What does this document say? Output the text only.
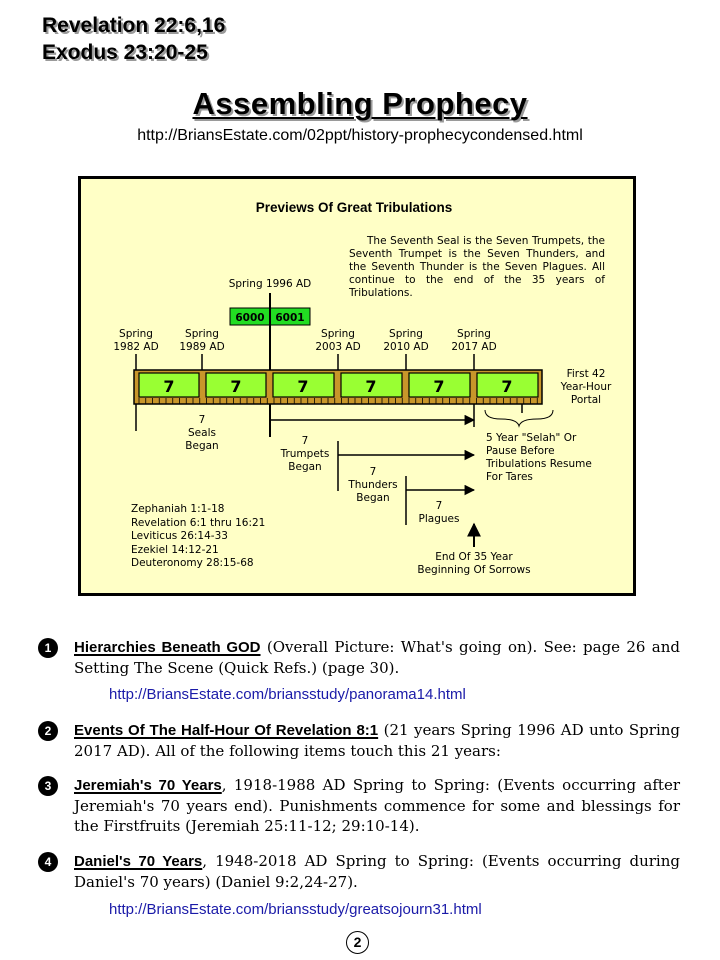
Revelation 22:6,16
Exodus 23:20-25
Assembling Prophecy
http://BriansEstate.com/02ppt/history-prophecycondensed.html
Previews Of Great Tribulations
Spring 1996 AD
6000 6001
Spring
1982 AD
Spring
1989 AD
Spring
2003 AD
Spring
2010 AD
Spring
2017 AD
7	7	7	7	7	7
First 42
Year-Hour
Portal
7
Seals
Began	7
Trumpets
Began	7
Thunders
Began
7
Plagues
5 Year "Selah" Or
Pause Before
Tribulations Resume
For Tares
End Of 35 Year
Beginning Of Sorrows
The Seventh Seal is the Seven Trumpets, the Seventh Trumpet is the Seven Thunders, and the Seventh Thunder is the Seven Plagues. All continue to the end of the 35 years of Tribulations.
Zephaniah 1:1-18
Revelation 6:1 thru 16:21
Leviticus 26:14-33
Ezekiel 14:12-21
Deuteronomy 28:15-68
1	Hierarchies Beneath GOD (Overall Picture: What's going on). See: page 26 and Setting The Scene (Quick Refs.) (page 30).
http://BriansEstate.com/briansstudy/panorama14.html
2	Events Of The Half-Hour Of Revelation 8:1 (21 years Spring 1996 AD unto Spring 2017 AD). All of the following items touch this 21 years:
3	Jeremiah's 70 Years, 1918-1988 AD Spring to Spring: (Events occurring after Jeremiah's 70 years end). Punishments commence for some and blessings for the Firstfruits (Jeremiah 25:11-12; 29:10-14).
4	Daniel's 70 Years, 1948-2018 AD Spring to Spring: (Events occurring during Daniel's 70 years) (Daniel 9:2,24-27).
http://BriansEstate.com/briansstudy/greatsojourn31.html
2
